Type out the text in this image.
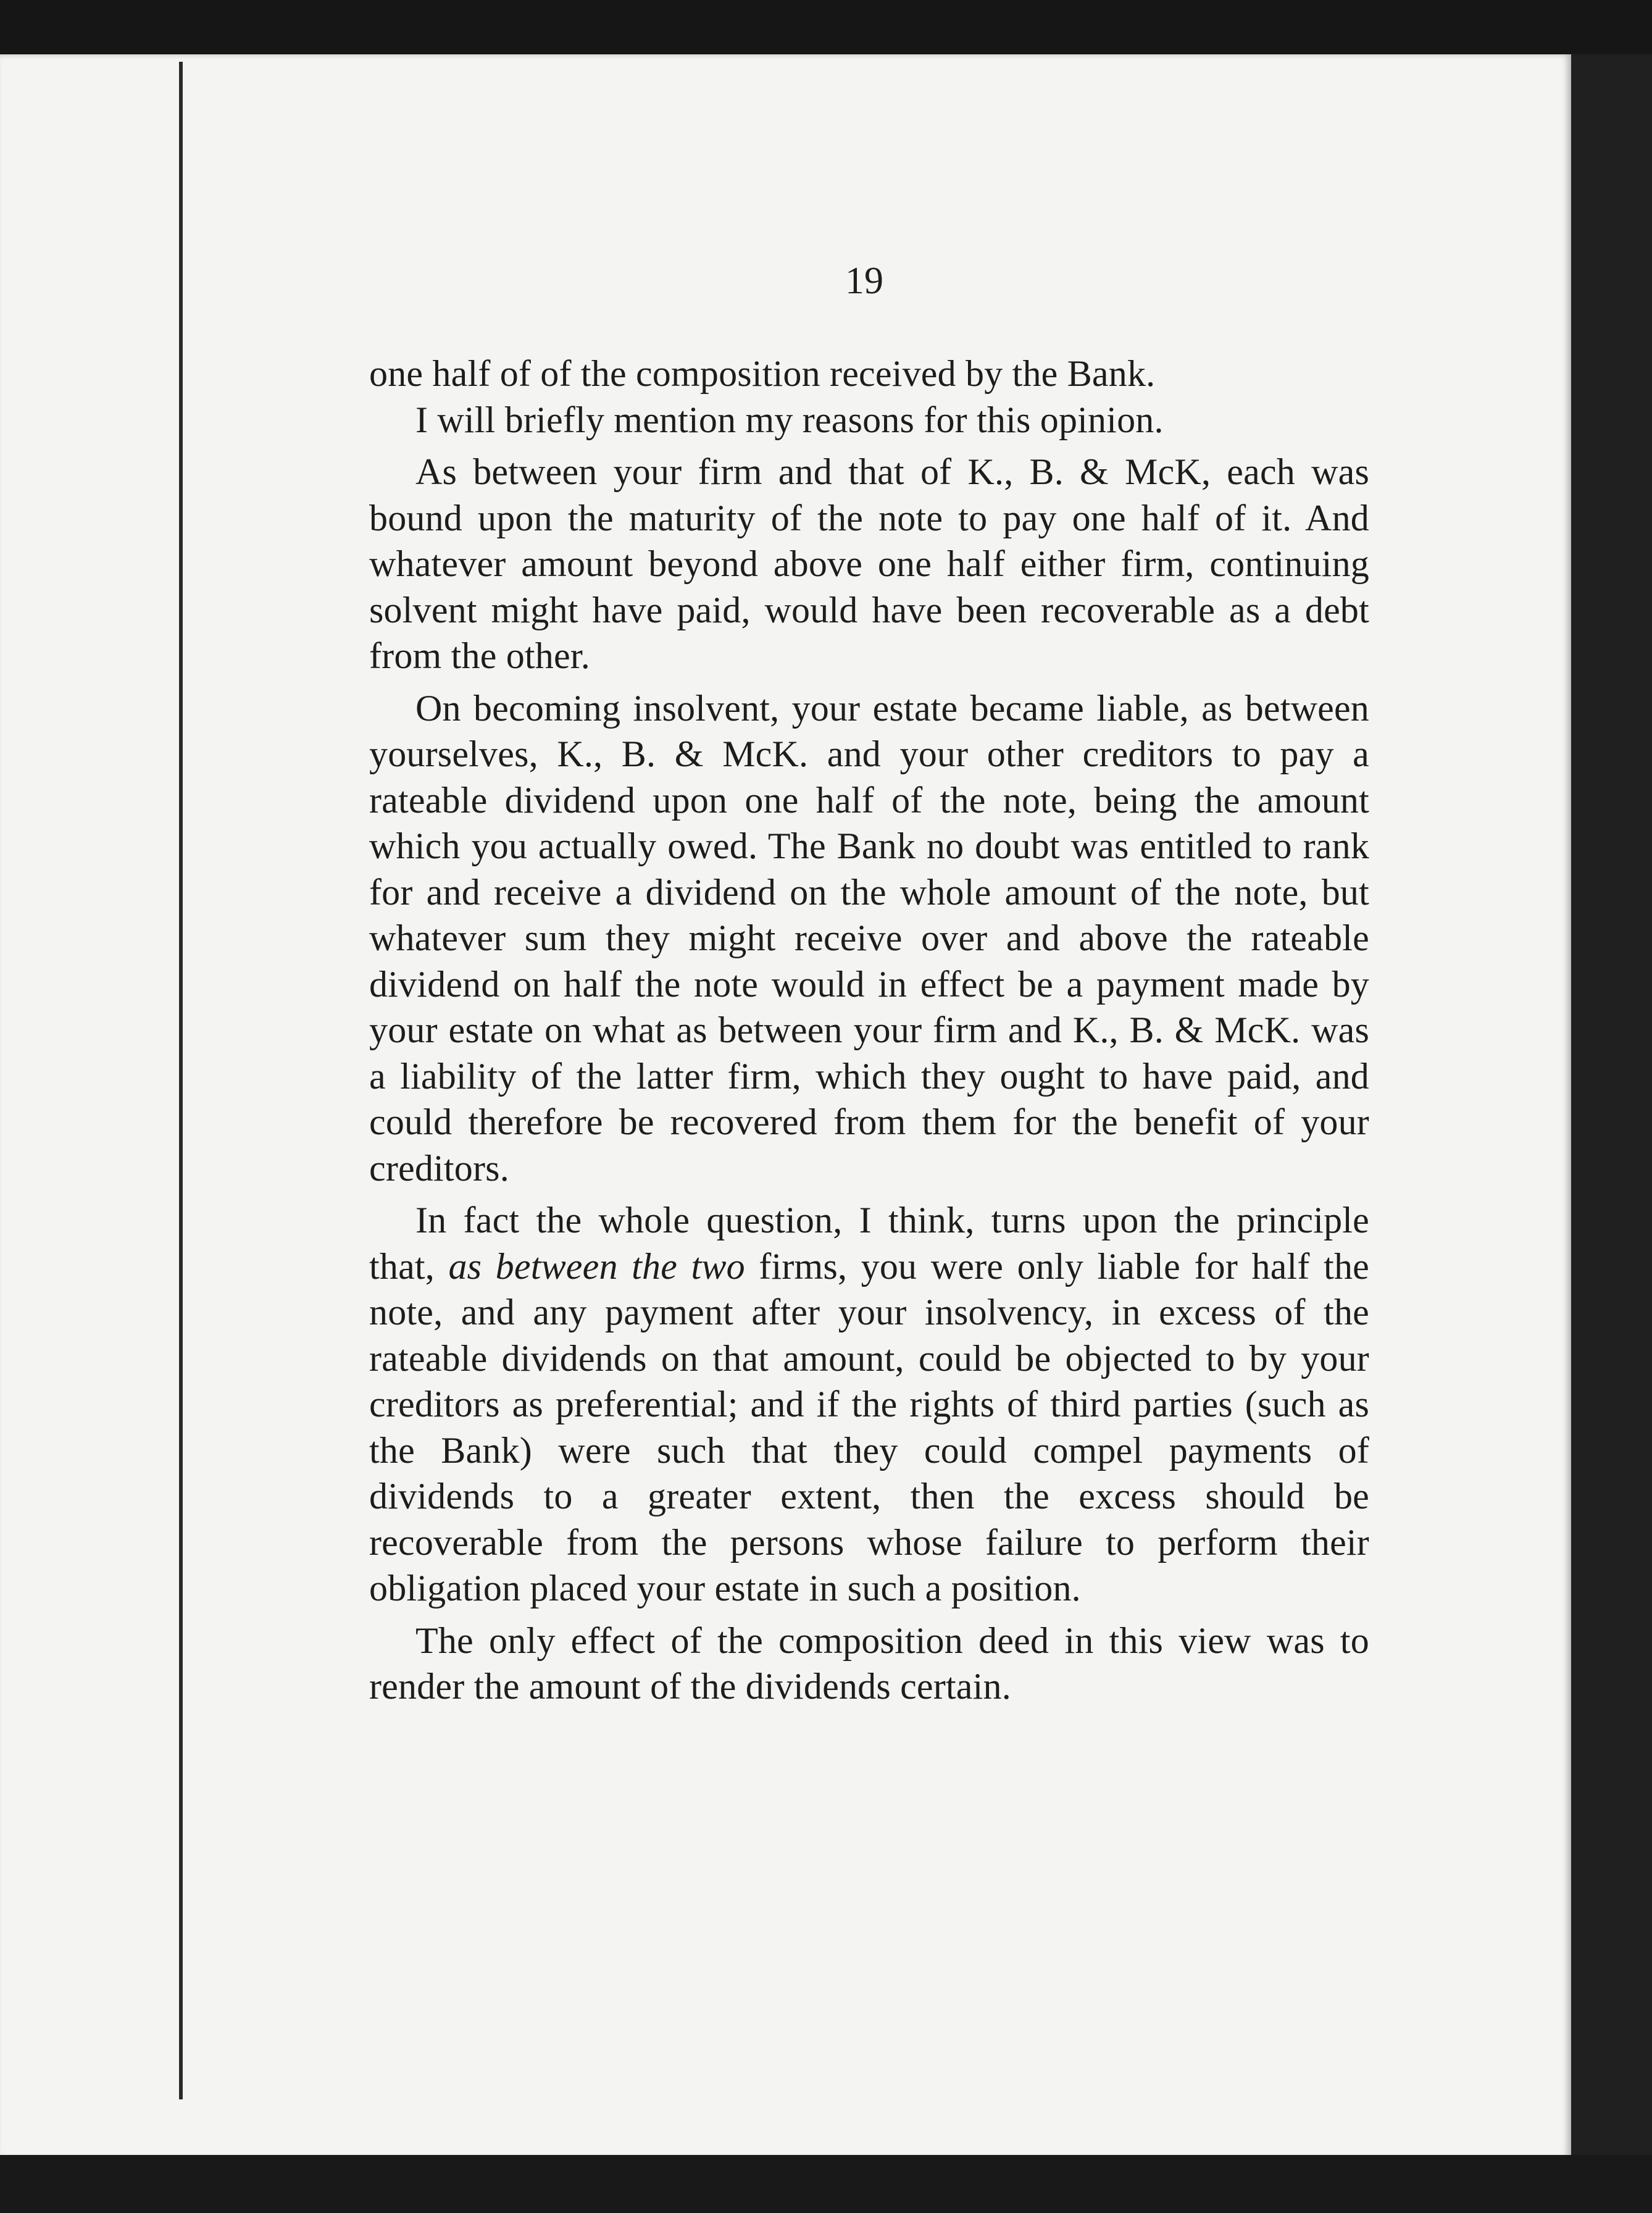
19

one half of of the composition received by the Bank.

I will briefly mention my reasons for this opinion.

As between your firm and that of K., B. & McK, each was bound upon the maturity of the note to pay one half of it. And whatever amount beyond above one half either firm, continuing solvent might have paid, would have been recoverable as a debt from the other.

On becoming insolvent, your estate became liable, as between yourselves, K., B. & McK. and your other creditors to pay a rateable dividend upon one half of the note, being the amount which you actually owed. The Bank no doubt was entitled to rank for and receive a dividend on the whole amount of the note, but whatever sum they might receive over and above the rateable dividend on half the note would in effect be a payment made by your estate on what as between your firm and K., B. & McK. was a liability of the latter firm, which they ought to have paid, and could therefore be recovered from them for the benefit of your creditors.

In fact the whole question, I think, turns upon the principle that, as between the two firms, you were only liable for half the note, and any payment after your insolvency, in excess of the rateable dividends on that amount, could be objected to by your creditors as preferential; and if the rights of third parties (such as the Bank) were such that they could compel payments of dividends to a greater extent, then the excess should be recoverable from the persons whose failure to perform their obligation placed your estate in such a position.

The only effect of the composition deed in this view was to render the amount of the dividends certain.
